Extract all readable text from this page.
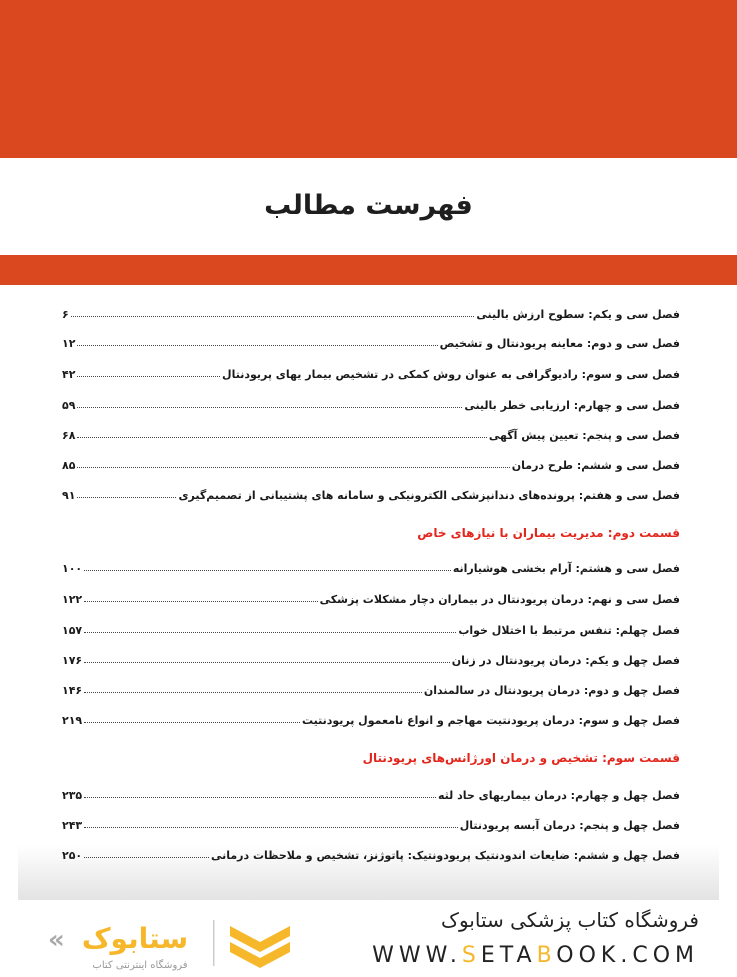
فهرست مطالب
فصل سی و یکم: سطوح ارزش بالینی
۶
فصل سی و دوم: معاینه پریودنتال و تشخیص
۱۲
فصل سی و سوم: رادیوگرافی به عنوان روش کمکی در تشخیص بیمار یهای پریودنتال
۴۲
فصل سی و چهارم: ارزیابی خطر بالینی
۵۹
فصل سی و پنجم: تعیین پیش آگهی
۶۸
فصل سی و ششم: طرح درمان
۸۵
فصل سی و هفتم: پروندەهای دندانپزشکی الکترونیکی و سامانه های پشتیبانی از تصمیم‌گیری
۹۱
قسمت دوم: مدیریت بیماران با نیازهای خاص
فصل سی و هشتم: آرام بخشی هوشیارانه
۱۰۰
فصل سی و نهم: درمان پریودنتال در بیماران دچار مشکلات پزشکی
۱۲۲
فصل چهلم: تنفس مرتبط با اختلال خواب
۱۵۷
فصل چهل و یکم: درمان پریودنتال در زنان
۱۷۶
فصل چهل و دوم: درمان پریودنتال در سالمندان
۱۴۶
فصل چهل و سوم: درمان پریودنتیت مهاجم و انواع نامعمول پریودنتیت
۲۱۹
قسمت سوم: تشخیص و درمان اورژانس‌های پریودنتال
فصل چهل و چهارم: درمان بیماریهای حاد لثه
۲۳۵
فصل چهل و پنجم: درمان آبسه پریودنتال
۲۴۳
فصل چهل و ششم: ضایعات اندودنتیک پریودونتیک: پاتوژنز، تشخیص و ملاحظات درمانی
۲۵۰
فروشگاه کتاب پزشکی ستابوک
WWW.SETABOOK.COM
ستابوک
«
فروشگاه اینترنتی کتاب
